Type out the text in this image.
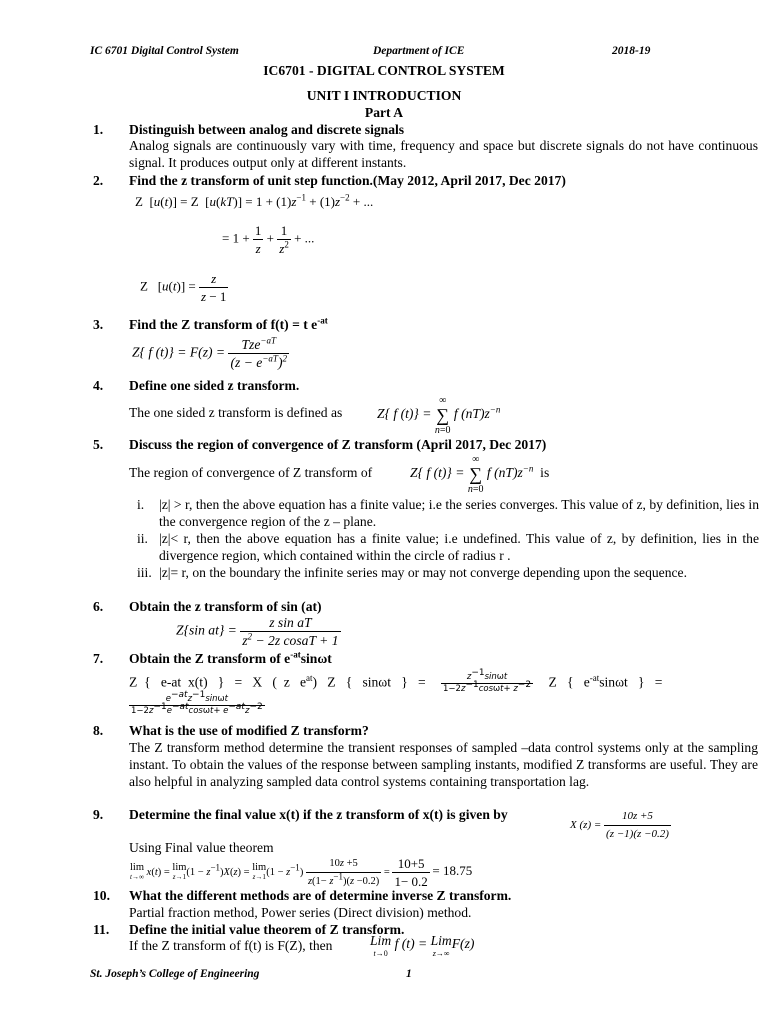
IC 6701 Digital Control System	Department of ICE	2018-19
IC6701 - DIGITAL CONTROL SYSTEM
UNIT I INTRODUCTION
Part A
1. Distinguish between analog and discrete signals
Analog signals are continuously vary with time, frequency and space but discrete signals do not have continuous signal. It produces output only at different instants.
2. Find the z transform of unit step function.(May 2012, April 2017, Dec 2017)
Z  [u(t)] = Z  $[u(kT)] = 1 + (1)z^{-1} + (1)z^{-2}$ + ...
= $1 + \frac{1}{z} + \frac{1}{z^2}$ + ...
Z   $[u(t)] = \frac{z}{z - 1}$
3. Find the Z transform of f(t) = t $e^{-at}$
Z{ f $(t)\} = F(z) = \frac{Tze^{-aT}}{(z - e^{-aT})^2}$
4. Define one sided z transform.
The one sided z transform is defined as	Z{ f (t)} = ∞
∑
n=0 f $(nT)z^{-n}$
5. Discuss the region of convergence of Z transform (April 2017, Dec 2017)
The region of convergence of Z transform of	Z{ f (t)} = ∞
∑
n=0 f $(nT)z^{-n}$  is
i.	|z| > r, then the above equation has a finite value; i.e the series converges. This value of z, by definition, lies in the convergence region of the z – plane.
ii. |z|< r, then the above equation has a finite value; i.e undefined. This value of z, by definition, lies in the divergence region, which contained within the circle of radius r .
iii. |z|= r, on the boundary the infinite series may or may not converge depending upon the sequence.
6. Obtain the z transform of sin (at)
Z{sin $at\} = \frac{\text{z sin aT}}{z^2 - 2z cosaT + 1}$
7. Obtain the Z transform of $e^{-at}\sin\omega t$
Z  {   e-at  x(t)   }   =   X   (  z   $e^{at}$)   Z   {   sinωt   }   = $\frac{z^{-1}\sin\omega t}{1-2z^{-1}\cos\omega t+ z^{-2}}$ Z   {   $e^{-at}\sin\omega t$   }   =
$\frac{e^{-at}z^{-1}\sin\omega t}{1-2z^{-1}e^{-at}\cos\omega t+ e^{-at}z^{-2}}$
8. What is the use of modified Z transform?
The Z transform method determine the transient responses of sampled –data control systems only at the sampling instant. To obtain the values of the response between sampling instants, modified Z transforms are useful. They are also helpful in analyzing sampled data control systems containing transportation lag.
9. Determine the final value x(t) if the z transform of x(t) is given by
X $(z) = \frac{10z +5}{(z -1)(z -0.2)}$
Using Final value theorem
lim
t→∞ x(t) = lim
$z\to 1(1 - z^{-1})X(z) = \lim$
$z\to 1(1 - z^{-1}) \frac{10z +5}{z(1- z^{-1})(z -0.2)} = \frac{10+5}{1- 0.2} = 18.75$
10. What the different methods are of determine inverse Z transform.
Partial fraction method, Power series (Direct division) method.
11. Define the initial value theorem of Z transform.
If the Z transform of f(t) is F(Z), then	Lim
t→0 f (t) = Lim
z→∞F(z)
St. Joseph’s College of Engineering	1
